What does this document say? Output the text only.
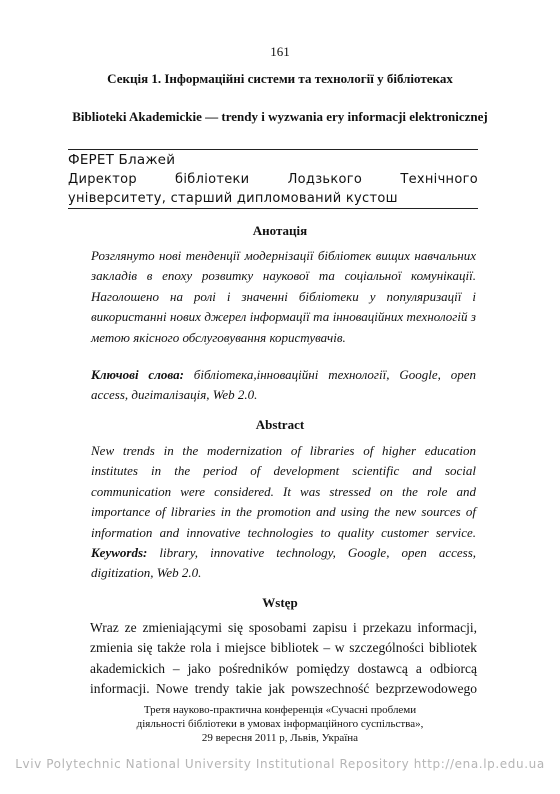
161
Секція 1. Інформаційні системи та технології у бібліотеках
Biblioteki Akademickie — trendy i wyzwania ery informacji elektronicznej
ФЕРЕТ Блажей
Директор бібліотеки Лодзького Технічного університету, старший дипломований кустош
Анотація
Розглянуто нові тенденції модернізації бібліотек вищих навчальних закладів в епоху розвитку наукової та соціальної комунікації. Наголошено на ролі і значенні бібліотеки у популяризації і використанні нових джерел інформації та інноваційних технологій з метою якісного обслуговування користувачів.
Ключові слова: бібліотека,інноваційні технології, Google, open access, дигіталізація, Web 2.0.
Abstract
New trends in the modernization of libraries of higher education institutes in the period of development scientific and social communication were considered. It was stressed on the role and importance of libraries in the promotion and using the new sources of information and innovative technologies to quality customer service.
Keywords: library, innovative technology, Google, open access, digitization, Web 2.0.
Wstęp
Wraz ze zmieniającymi się sposobami zapisu i przekazu informacji, zmienia się także rola i miejsce bibliotek – w szczególności bibliotek akademickich – jako pośredników pomiędzy dostawcą a odbiorcą informacji. Nowe trendy takie jak powszechność bezprzewodowego
Третя науково-практична конференція «Сучасні проблеми
діяльності бібліотеки в умовах інформаційного суспільства»,
29 вересня 2011 р, Львів, Україна
Lviv Polytechnic National University Institutional Repository http://ena.lp.edu.ua
